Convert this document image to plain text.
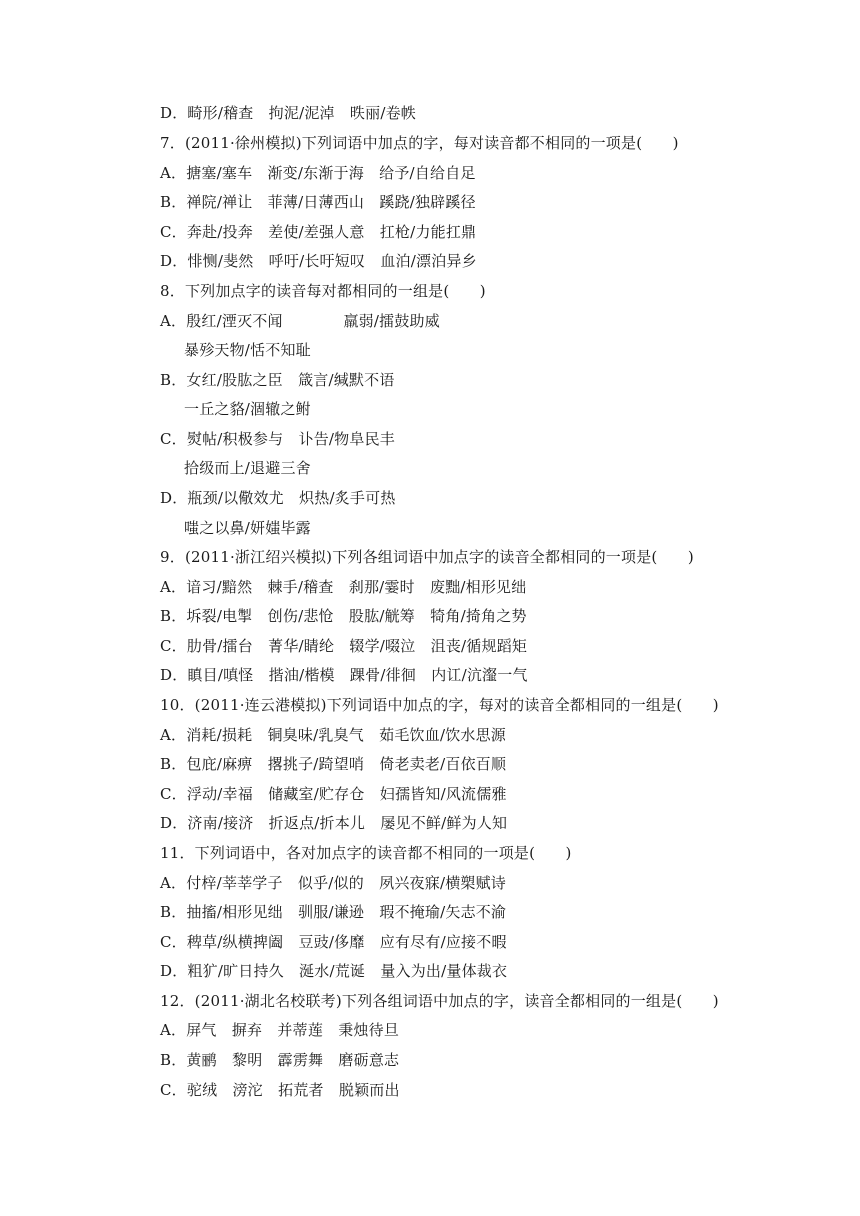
D．畸形/稽查　拘泥/泥淖　昳丽/卷帙
7．(2011·徐州模拟)下列词语中加点的字，每对读音都不相同的一项是(　　)
A．搪塞/塞车　渐变/东渐于海　给予/自给自足
B．禅院/禅让　菲薄/日薄西山　蹊跷/独辟蹊径
C．奔赴/投奔　差使/差强人意　扛枪/力能扛鼎
D．悱恻/斐然　呼吁/长吁短叹　血泊/漂泊异乡
8．下列加点字的读音每对都相同的一组是(　　)
A．殷红/湮灭不闻　　　　羸弱/擂鼓助威
暴殄天物/恬不知耻
B．女红/股肱之臣　箴言/缄默不语
一丘之貉/涸辙之鲋
C．熨帖/积极参与　讣告/物阜民丰
拾级而上/退避三舍
D．瓶颈/以儆效尤　炽热/炙手可热
嗤之以鼻/妍媸毕露
9．(2011·浙江绍兴模拟)下列各组词语中加点字的读音全都相同的一项是(　　)
A．谙习/黯然　棘手/稽查　刹那/霎时　废黜/相形见绌
B．坼裂/电掣　创伤/悲怆　股肱/觥筹　犄角/掎角之势
C．肋骨/擂台　菁华/睛纶　辍学/啜泣　沮丧/循规蹈矩
D．瞋目/嗔怪　揩油/楷模　踝骨/徘徊　内讧/沆瀣一气
10．(2011·连云港模拟)下列词语中加点的字，每对的读音全都相同的一组是(　　)
A．消耗/损耗　铜臭味/乳臭气　茹毛饮血/饮水思源
B．包庇/麻痹　撂挑子/踦望哨　倚老卖老/百依百顺
C．浮动/幸福　储藏室/贮存仓　妇孺皆知/风流儒雅
D．济南/接济　折返点/折本儿　屡见不鲜/鲜为人知
11．下列词语中，各对加点字的读音都不相同的一项是(　　)
A．付梓/莘莘学子　似乎/似的　夙兴夜寐/横槊赋诗
B．抽搐/相形见绌　驯服/谦逊　瑕不掩瑜/矢志不渝
C．稗草/纵横捭阖　豆豉/侈靡　应有尽有/应接不暇
D．粗犷/旷日持久　涎水/荒诞　量入为出/量体裁衣
12．(2011·湖北名校联考)下列各组词语中加点的字，读音全都相同的一组是(　　)
A．屏气　摒弃　并蒂莲　秉烛待旦
B．黄鹂　黎明　霹雳舞　磨砺意志
C．驼绒　滂沱　拓荒者　脱颖而出
